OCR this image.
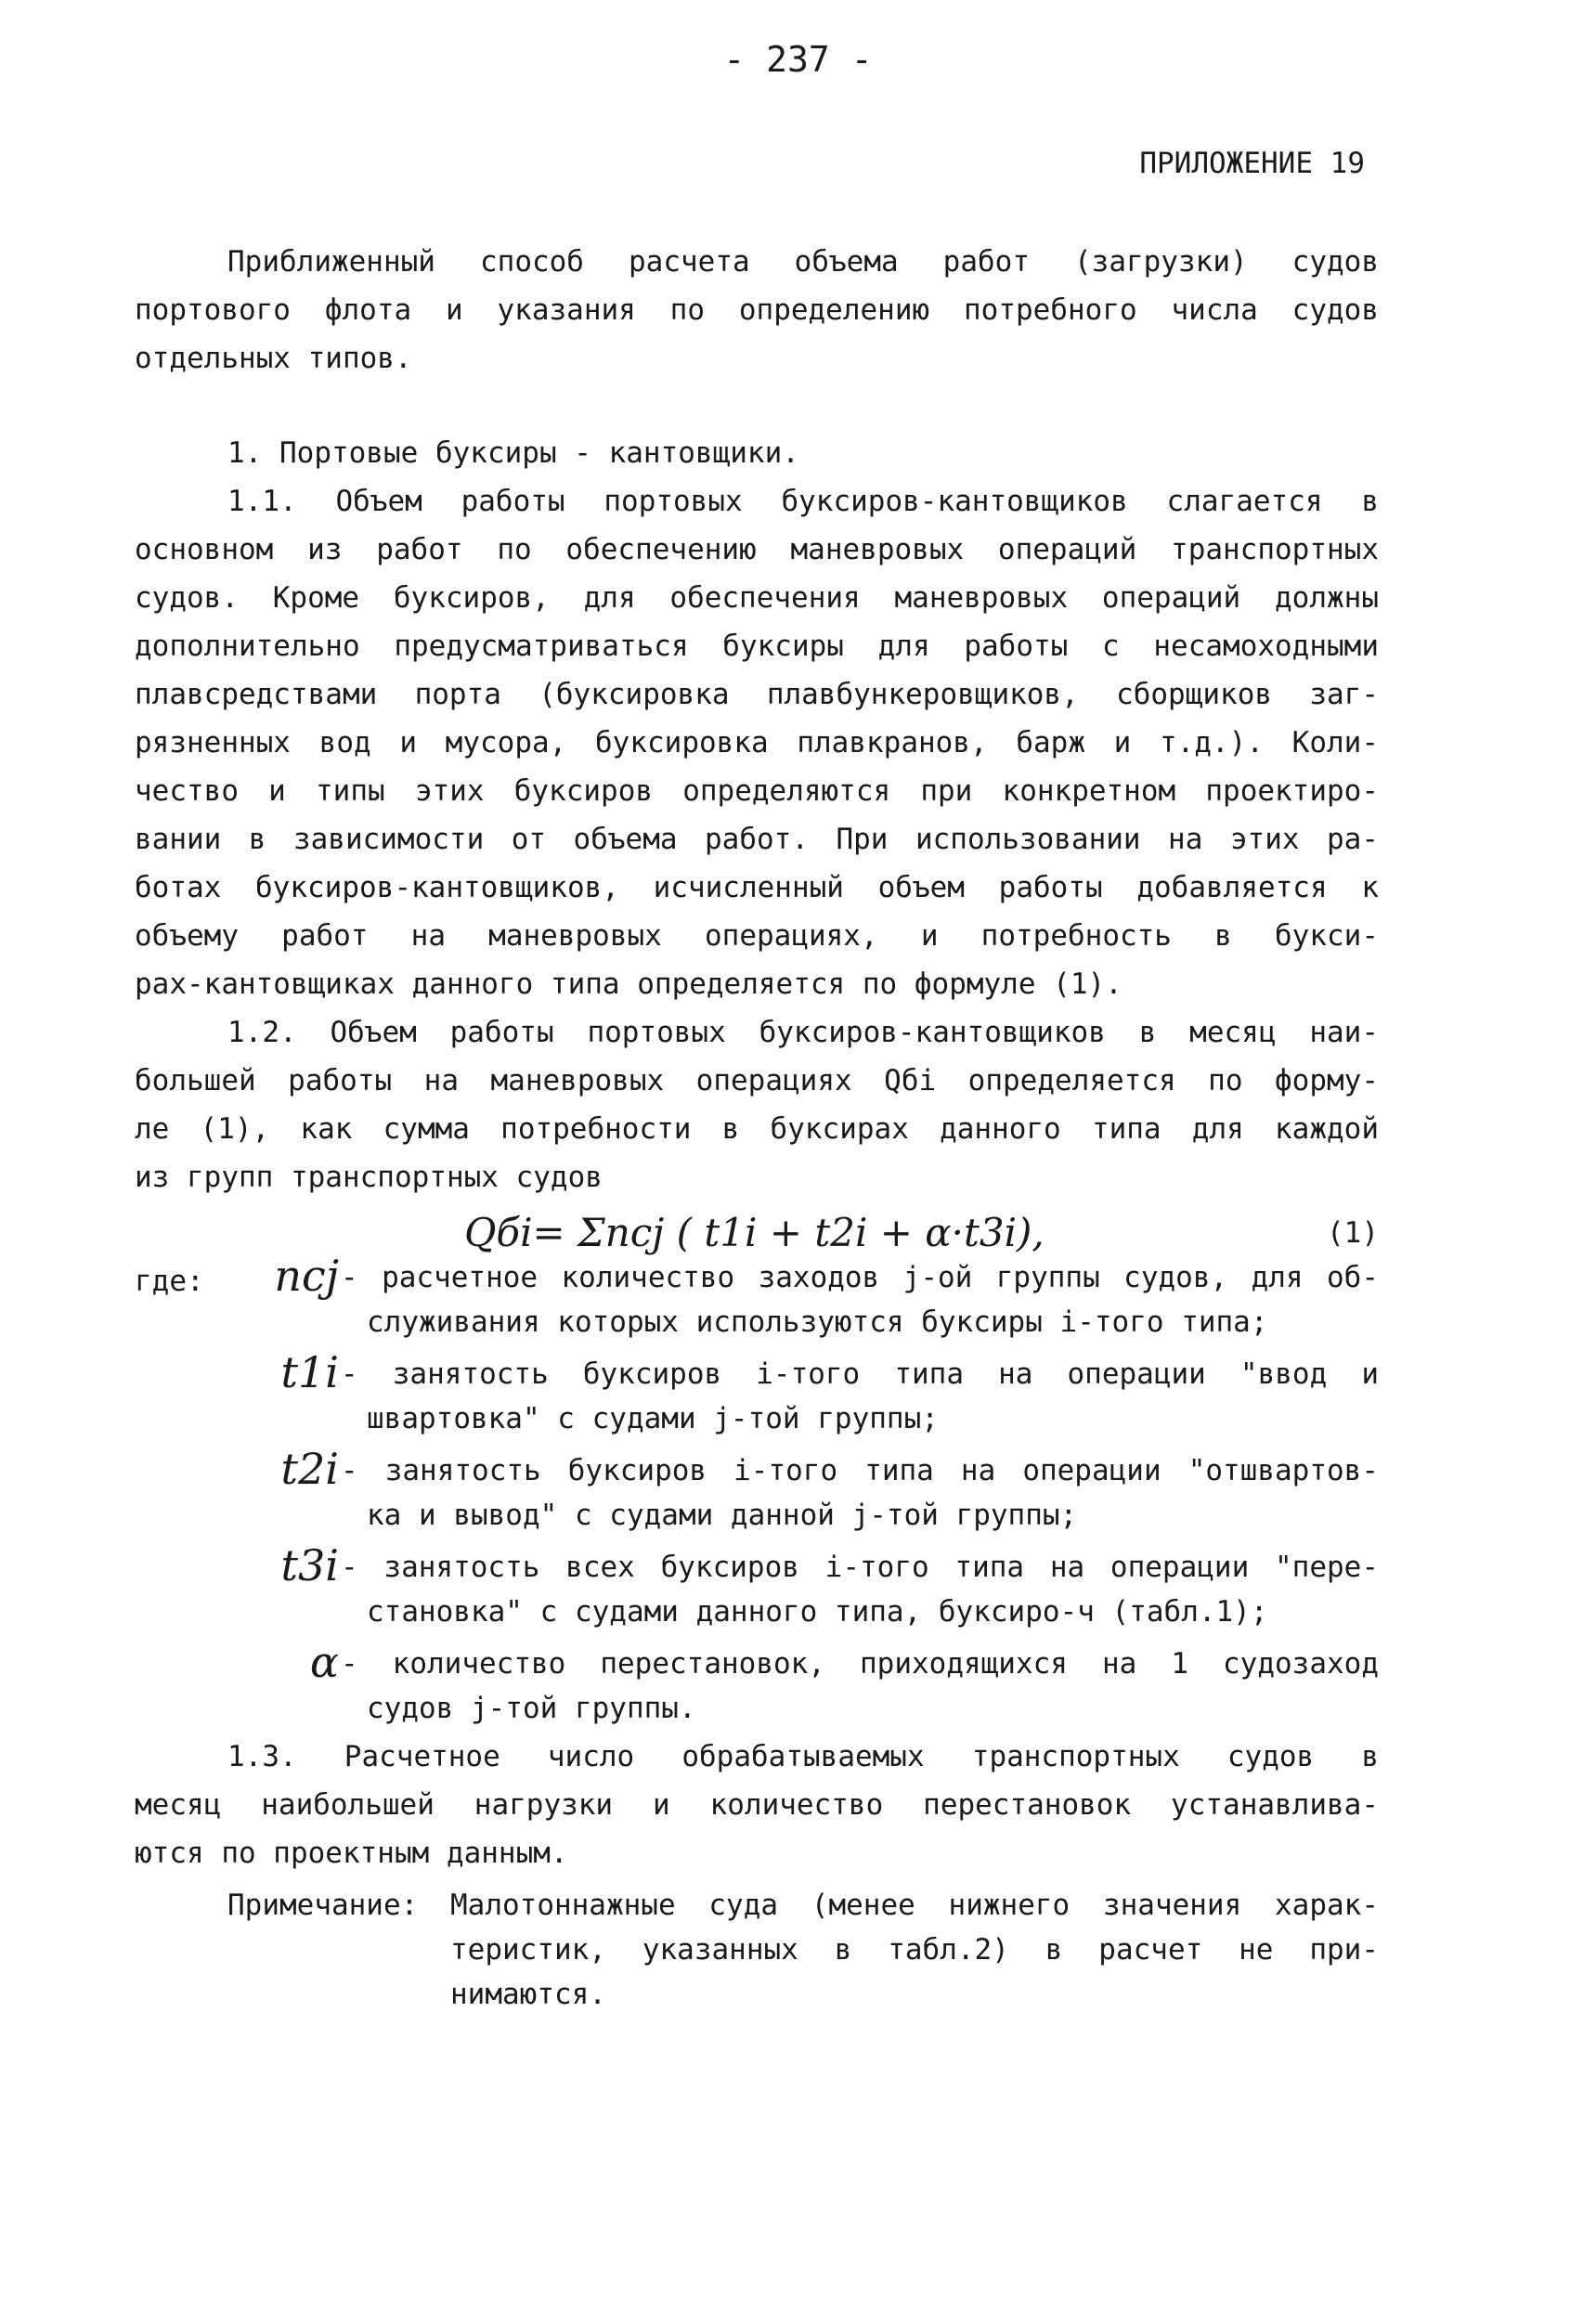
- 237 -
ПРИЛОЖЕНИЕ 19
Приближенный способ расчета объема работ (загрузки) судов
портового флота и указания по определению потребного числа судов
отдельных типов.
1. Портовые буксиры - кантовщики.
1.1. Объем работы портовых буксиров-кантовщиков слагается в
основном из работ по обеспечению маневровых операций транспортных
судов. Кроме буксиров, для обеспечения маневровых операций должны
дополнительно предусматриваться буксиры для работы с несамоходными
плавсредствами порта (буксировка плавбункеровщиков, сборщиков заг-
рязненных вод и мусора, буксировка плавкранов, барж и т.д.). Коли-
чество и типы этих буксиров определяются при конкретном проектиро-
вании в зависимости от объема работ. При использовании на этих ра-
ботах буксиров-кантовщиков, исчисленный объем работы добавляется к
объему работ на маневровых операциях, и потребность в букси-
рах-кантовщиках данного типа определяется по формуле (1).
1.2. Объем работы портовых буксиров-кантовщиков в месяц наи-
большей работы на маневровых операциях Qбi определяется по форму-
ле (1), как сумма потребности в буксирах данного типа для каждой
из групп транспортных судов
Qбi= Σnсj ( t1i + t2i + α·t3i),	(1)
где:	nсj - расчетное количество заходов j-ой группы судов, для об-
служивания которых используются буксиры i-того типа;
t1i - занятость буксиров i-того типа на операции "ввод и
швартовка" с судами j-той группы;
t2i - занятость буксиров i-того типа на операции "отшвартов-
ка и вывод" с судами данной j-той группы;
t3i - занятость всех буксиров i-того типа на операции "пере-
становка" с судами данного типа, буксиро-ч (табл.1);
α - количество перестановок, приходящихся на 1 судозаход
судов j-той группы.
1.3. Расчетное число обрабатываемых транспортных судов в
месяц наибольшей нагрузки и количество перестановок устанавлива-
ются по проектным данным.
Примечание: Малотоннажные суда (менее нижнего значения харак-
теристик, указанных в табл.2) в расчет не при-
нимаются.
